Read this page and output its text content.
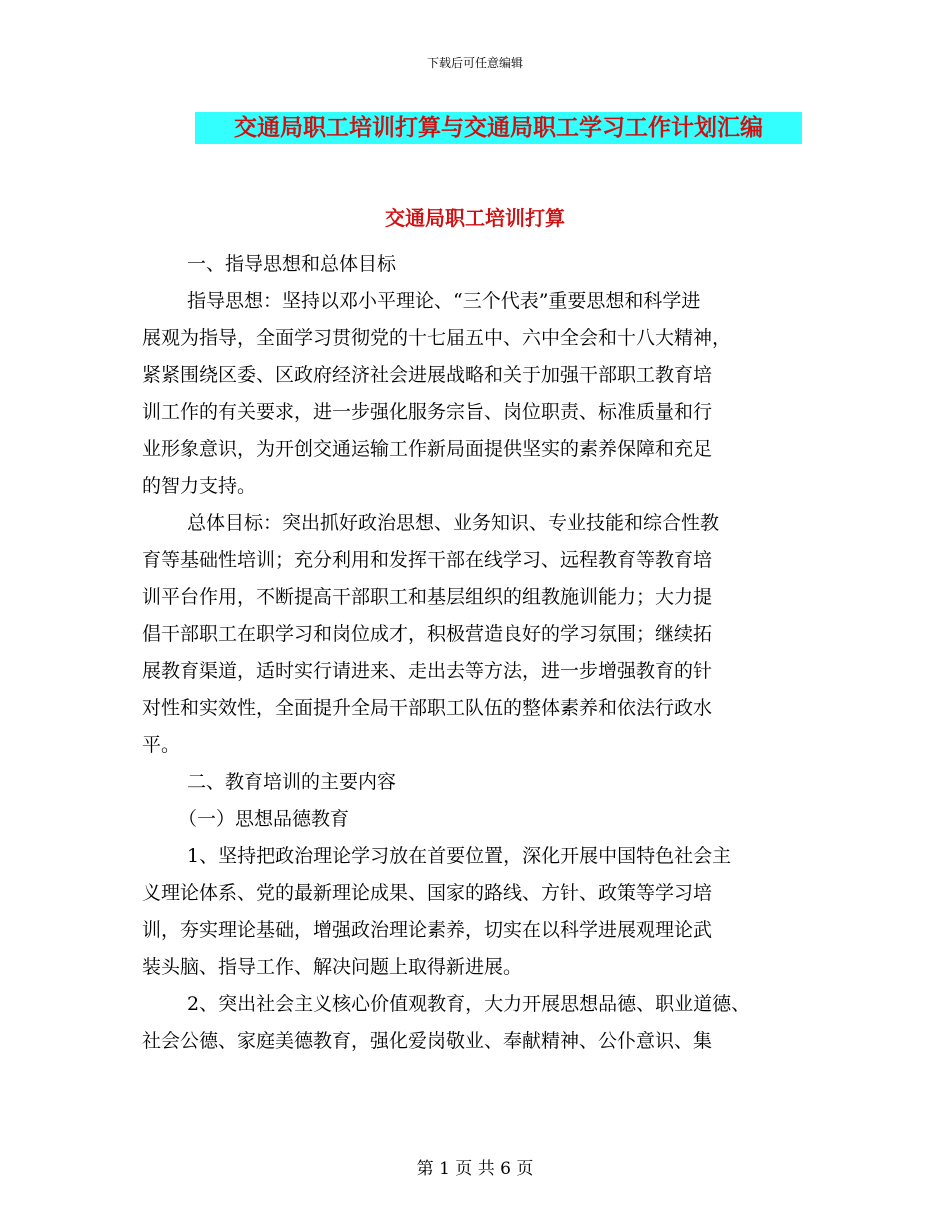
下载后可任意编辑
交通局职工培训打算与交通局职工学习工作计划汇编
交通局职工培训打算
一、指导思想和总体目标
指导思想：坚持以邓小平理论、“三个代表”重要思想和科学进
展观为指导，全面学习贯彻党的十七届五中、六中全会和十八大精神，
紧紧围绕区委、区政府经济社会进展战略和关于加强干部职工教育培
训工作的有关要求，进一步强化服务宗旨、岗位职责、标准质量和行
业形象意识，为开创交通运输工作新局面提供坚实的素养保障和充足
的智力支持。
总体目标：突出抓好政治思想、业务知识、专业技能和综合性教
育等基础性培训；充分利用和发挥干部在线学习、远程教育等教育培
训平台作用，不断提高干部职工和基层组织的组教施训能力；大力提
倡干部职工在职学习和岗位成才，积极营造良好的学习氛围；继续拓
展教育渠道，适时实行请进来、走出去等方法，进一步增强教育的针
对性和实效性，全面提升全局干部职工队伍的整体素养和依法行政水
平。
二、教育培训的主要内容
（一）思想品德教育
1、坚持把政治理论学习放在首要位置，深化开展中国特色社会主
义理论体系、党的最新理论成果、国家的路线、方针、政策等学习培
训，夯实理论基础，增强政治理论素养，切实在以科学进展观理论武
装头脑、指导工作、解决问题上取得新进展。
2、突出社会主义核心价值观教育，大力开展思想品德、职业道德、
社会公德、家庭美德教育，强化爱岗敬业、奉献精神、公仆意识、集
第 1 页 共 6 页
